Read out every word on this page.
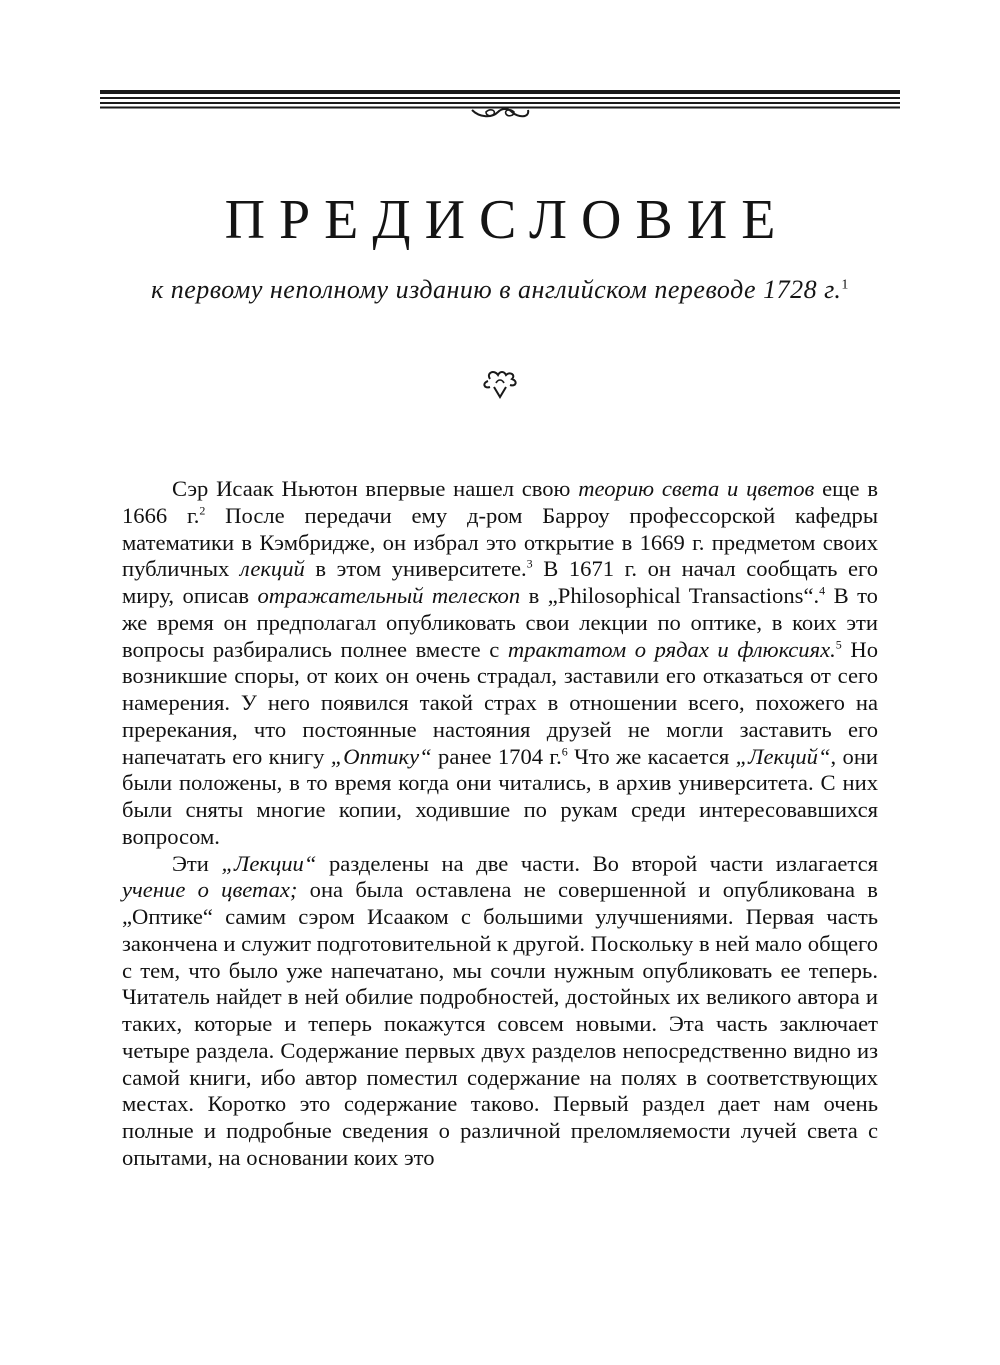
ПРЕДИСЛОВИЕ

к первому неполному изданию в английском переводе 1728 г.$^1$

Сэр Исаак Ньютон впервые нашел свою теорию света и цветов еще в 1666 г.$^2$ После передачи ему д-ром Барроу профессорской кафедры математики в Кэмбридже, он избрал это открытие в 1669 г. предметом своих публичных лекций в этом университете.$^3$ В 1671 г. он начал сообщать его миру, описав отражательный телескоп в „Philosophical Transactions“.$^4$ В то же время он предполагал опубликовать свои лекции по оптике, в коих эти вопросы разбирались полнее вместе с трактатом о рядах и флюксиях.$^5$ Но возникшие споры, от коих он очень страдал, заставили его отказаться от сего намерения. У него появился такой страх в отношении всего, похожего на пререкания, что постоянные настояния друзей не могли заставить его напечатать его книгу „Оптику“ ранее 1704 г.$^6$ Что же касается „Лекций“, они были положены, в то время когда они читались, в архив университета. С них были сняты многие копии, ходившие по рукам среди интересовавшихся вопросом.

Эти „Лекции“ разделены на две части. Во второй части излагается учение о цветах; она была оставлена не совершенной и опубликована в „Оптике“ самим сэром Исааком с большими улучшениями. Первая часть закончена и служит подготовительной к другой. Поскольку в ней мало общего с тем, что было уже напечатано, мы сочли нужным опубликовать ее теперь. Читатель найдет в ней обилие подробностей, достойных их великого автора и таких, которые и теперь покажутся совсем новыми. Эта часть заключает четыре раздела. Содержание первых двух разделов непосредственно видно из самой книги, ибо автор поместил содержание на полях в соответствующих местах. Коротко это содержание таково. Первый раздел дает нам очень полные и подробные сведения о различной преломляемости лучей света с опытами, на основании коих это
